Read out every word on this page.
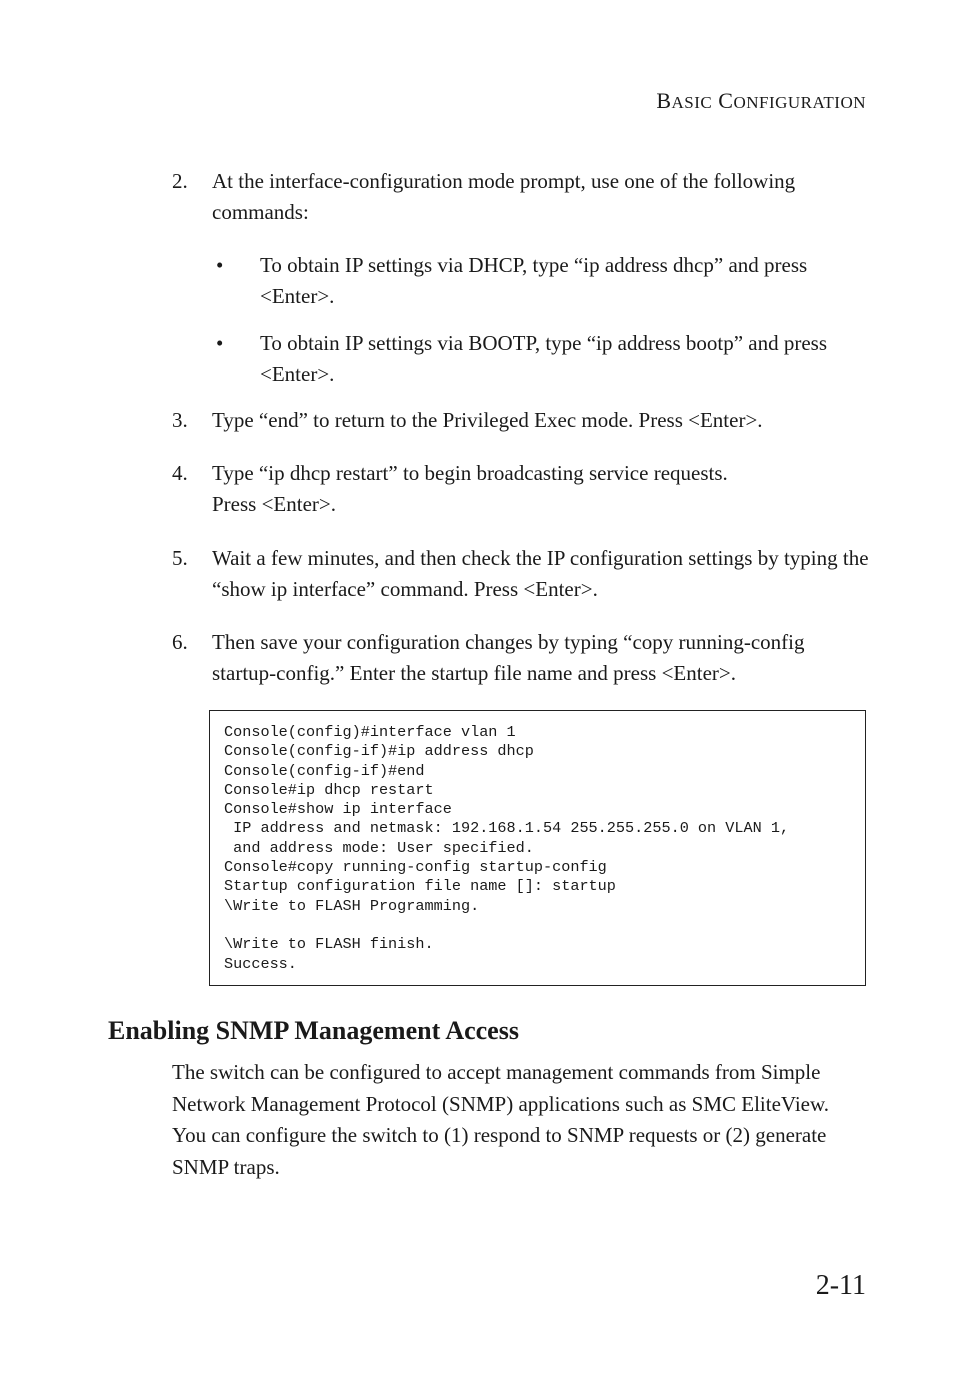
BASIC CONFIGURATION
2.	At the interface-configuration mode prompt, use one of the following commands:
• To obtain IP settings via DHCP, type “ip address dhcp” and press <Enter>.
• To obtain IP settings via BOOTP, type “ip address bootp” and press <Enter>.
3.	Type “end” to return to the Privileged Exec mode. Press <Enter>.
4.	Type “ip dhcp restart” to begin broadcasting service requests.
Press <Enter>.
5.	Wait a few minutes, and then check the IP configuration settings by typing the “show ip interface” command. Press <Enter>.
6.	Then save your configuration changes by typing “copy running-config startup-config.” Enter the startup file name and press <Enter>.
Console(config)#interface vlan 1
Console(config-if)#ip address dhcp
Console(config-if)#end
Console#ip dhcp restart
Console#show ip interface
IP address and netmask: 192.168.1.54 255.255.255.0 on VLAN 1,
and address mode: User specified.
Console#copy running-config startup-config
Startup configuration file name []: startup
\Write to FLASH Programming.

\Write to FLASH finish.
Success.
Enabling SNMP Management Access
The switch can be configured to accept management commands from Simple Network Management Protocol (SNMP) applications such as SMC EliteView. You can configure the switch to (1) respond to SNMP requests or (2) generate SNMP traps.
2-11
